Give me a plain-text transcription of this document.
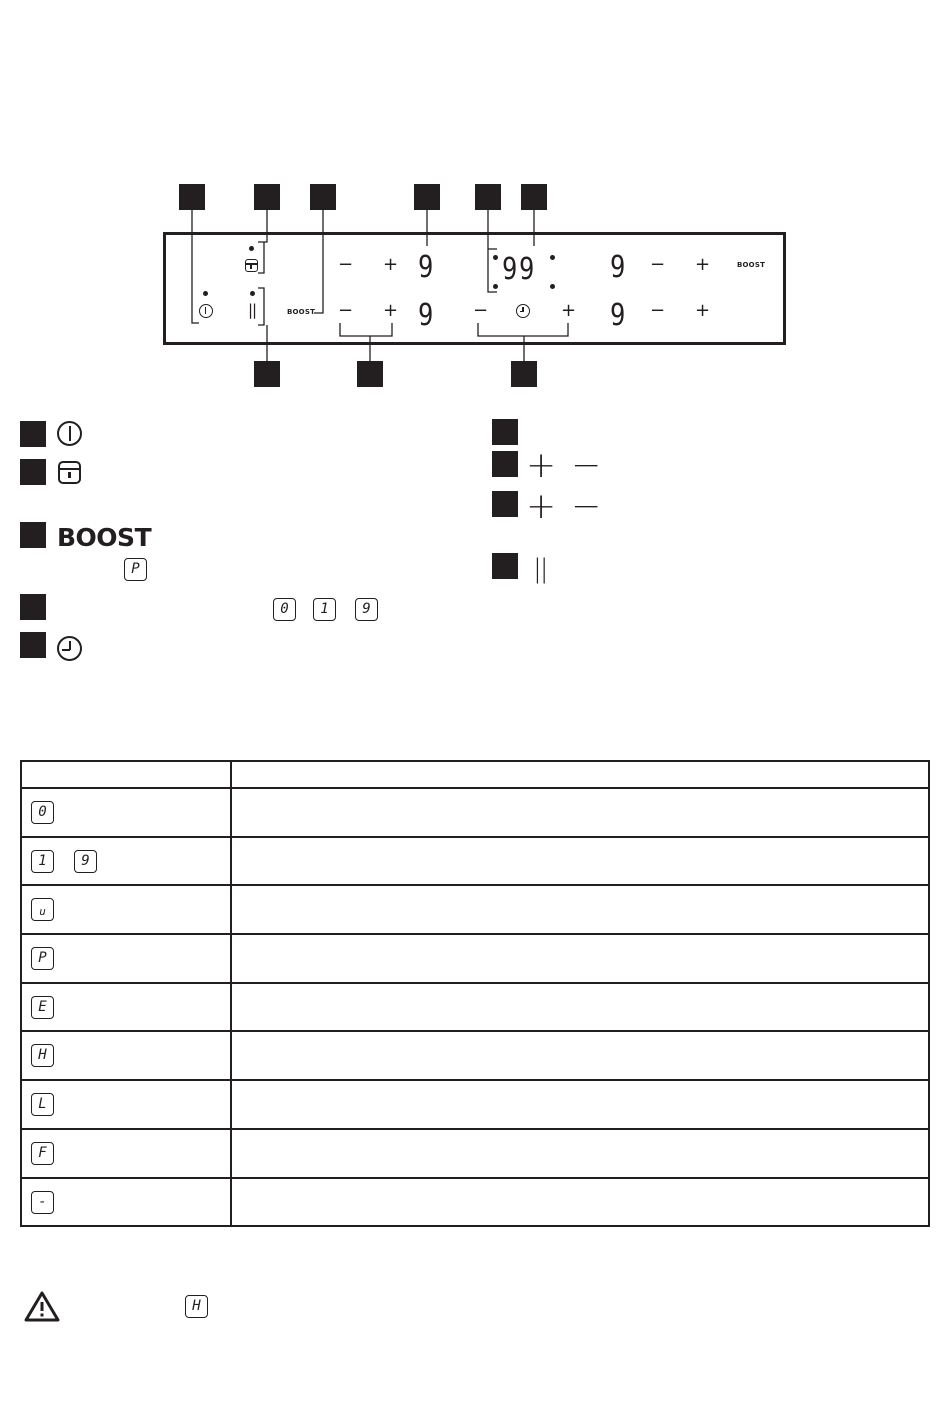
||	BOOST
BOOST
− + 9
− + 9
99
−	+
9 − +
9 − +
BOOST
P
0	1	9
+ −
+ −
||

0	

1 9	

u	

P	

E	

H	

L	

F	

-	

H
